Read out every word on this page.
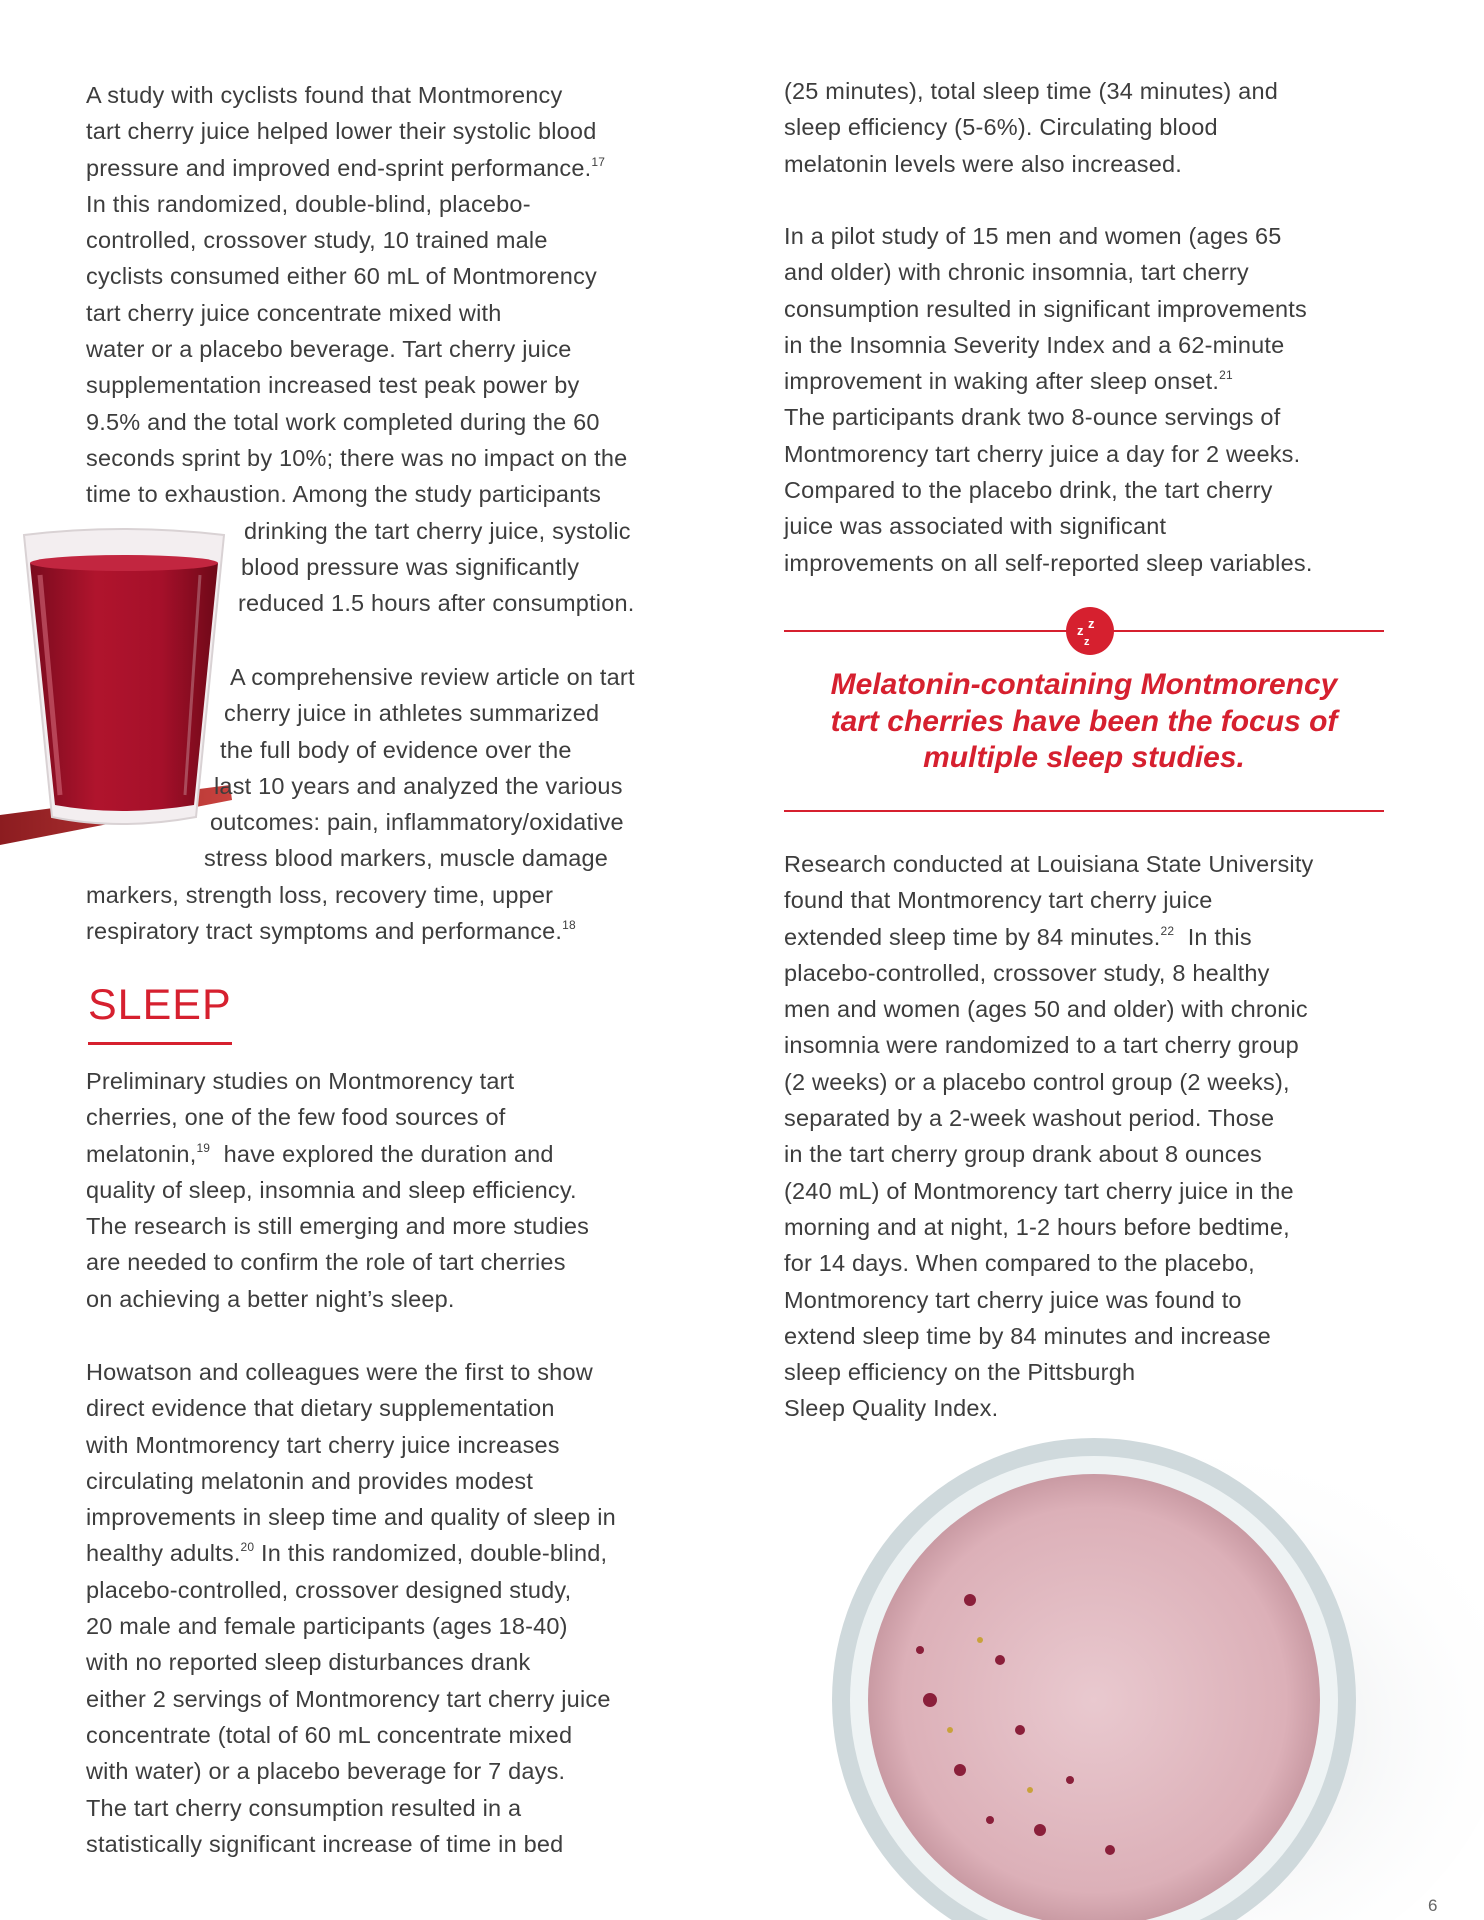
A study with cyclists found that Montmorency
tart cherry juice helped lower their systolic blood
pressure and improved end-sprint performance.$^{17}$
In this randomized, double-blind, placebo-
controlled, crossover study, 10 trained male
cyclists consumed either 60 mL of Montmorency
tart cherry juice concentrate mixed with
water or a placebo beverage. Tart cherry juice
supplementation increased test peak power by
9.5% and the total work completed during the 60
seconds sprint by 10%; there was no impact on the
time to exhaustion. Among the study participants
drinking the tart cherry juice, systolic
blood pressure was significantly
reduced 1.5 hours after consumption.

A comprehensive review article on tart
cherry juice in athletes summarized
the full body of evidence over the
last 10 years and analyzed the various
outcomes: pain, inflammatory/oxidative
stress blood markers, muscle damage
markers, strength loss, recovery time, upper
respiratory tract symptoms and performance.$^{18}$

SLEEP

Preliminary studies on Montmorency tart
cherries, one of the few food sources of
melatonin,$^{19}$ have explored the duration and
quality of sleep, insomnia and sleep efficiency.
The research is still emerging and more studies
are needed to confirm the role of tart cherries
on achieving a better night’s sleep.

Howatson and colleagues were the first to show
direct evidence that dietary supplementation
with Montmorency tart cherry juice increases
circulating melatonin and provides modest
improvements in sleep time and quality of sleep in
healthy adults.$^{20}$ In this randomized, double-blind,
placebo-controlled, crossover designed study,
20 male and female participants (ages 18-40)
with no reported sleep disturbances drank
either 2 servings of Montmorency tart cherry juice
concentrate (total of 60 mL concentrate mixed
with water) or a placebo beverage for 7 days.
The tart cherry consumption resulted in a
statistically significant increase of time in bed

(25 minutes), total sleep time (34 minutes) and
sleep efficiency (5-6%). Circulating blood
melatonin levels were also increased.

In a pilot study of 15 men and women (ages 65
and older) with chronic insomnia, tart cherry
consumption resulted in significant improvements
in the Insomnia Severity Index and a 62-minute
improvement in waking after sleep onset.$^{21}$
The participants drank two 8-ounce servings of
Montmorency tart cherry juice a day for 2 weeks.
Compared to the placebo drink, the tart cherry
juice was associated with significant
improvements on all self-reported sleep variables.

z z
z

Melatonin-containing Montmorency
tart cherries have been the focus of
multiple sleep studies.

Research conducted at Louisiana State University
found that Montmorency tart cherry juice
extended sleep time by 84 minutes.$^{22}$  In this
placebo-controlled, crossover study, 8 healthy
men and women (ages 50 and older) with chronic
insomnia were randomized to a tart cherry group
(2 weeks) or a placebo control group (2 weeks),
separated by a 2-week washout period. Those
in the tart cherry group drank about 8 ounces
(240 mL) of Montmorency tart cherry juice in the
morning and at night, 1-2 hours before bedtime,
for 14 days. When compared to the placebo,
Montmorency tart cherry juice was found to
extend sleep time by 84 minutes and increase
sleep efficiency on the Pittsburgh
Sleep Quality Index.

6
